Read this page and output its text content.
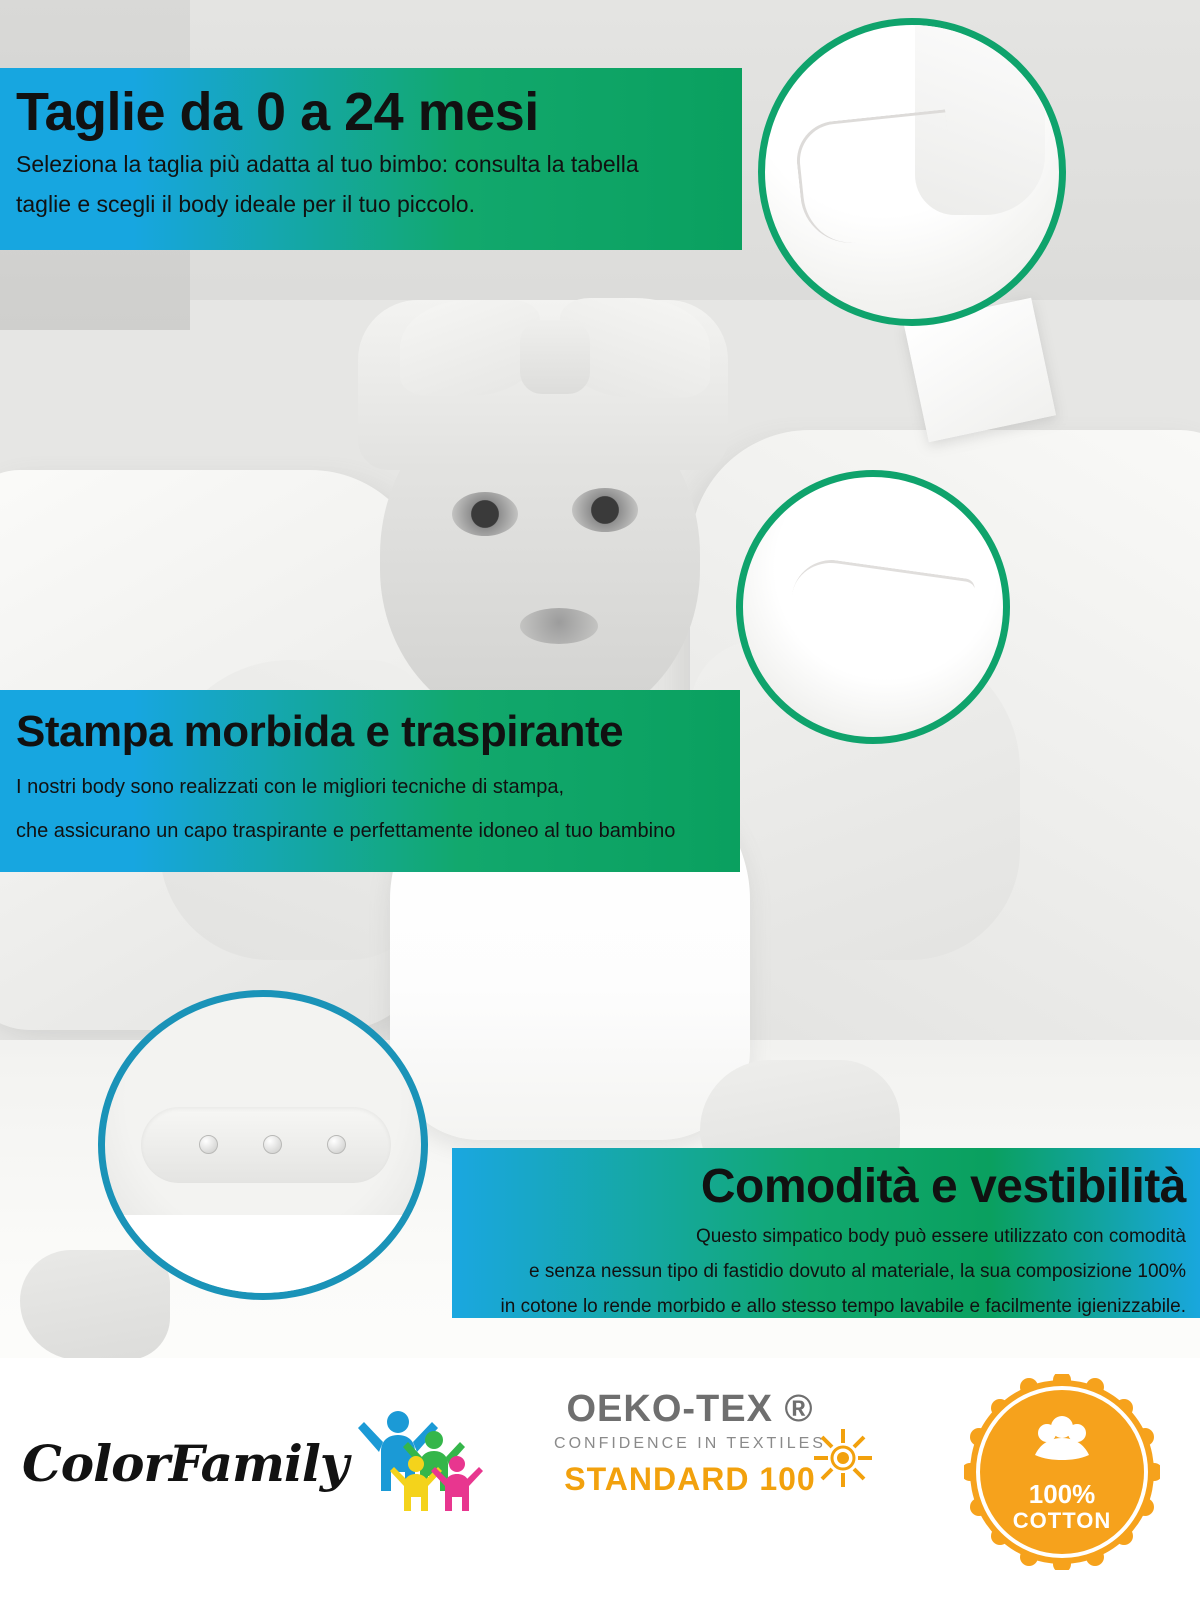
Taglie da 0 a 24 mesi

Seleziona la taglia più adatta al tuo bimbo: consulta la tabella

taglie e scegli il body ideale per il tuo piccolo.

Stampa morbida e traspirante

I nostri body sono realizzati con le migliori tecniche di stampa,

che assicurano un capo traspirante e perfettamente idoneo al tuo bambino

Comodità e vestibilità

Questo simpatico body può essere utilizzato con comodità

e senza nessun tipo di fastidio dovuto al materiale, la sua composizione 100%

in cotone lo rende morbido e allo stesso tempo lavabile e facilmente igienizzabile.

ColorFamily
OEKO-TEX ®
CONFIDENCE IN TEXTILES
STANDARD 100	100%
COTTON
